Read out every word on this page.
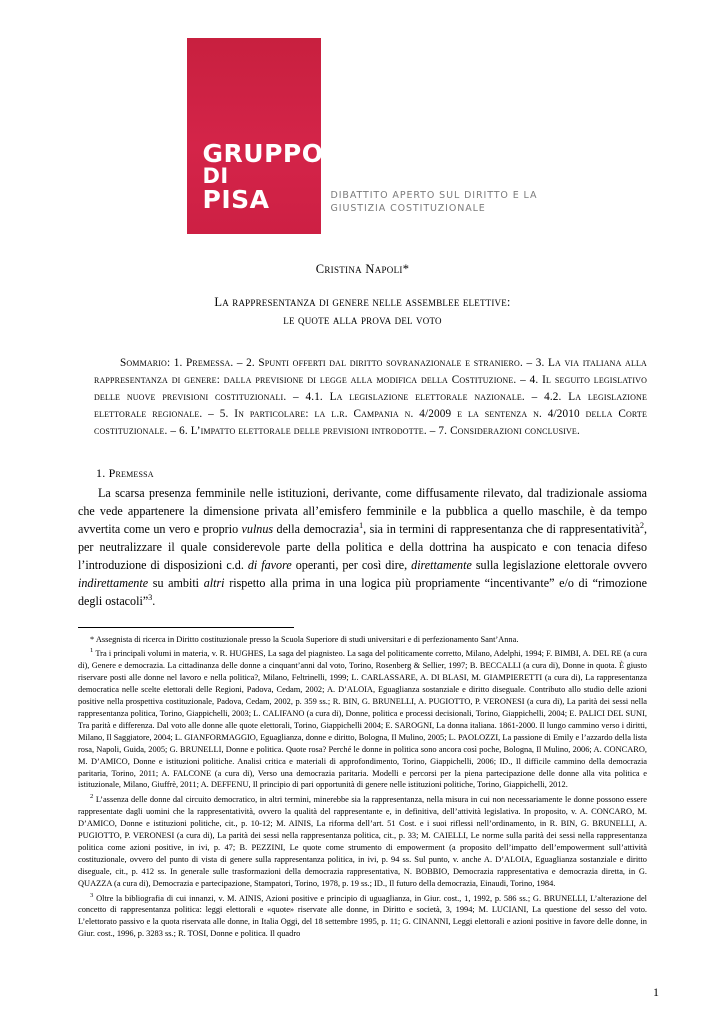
GRUPPO
DI
PISA	DIBATTITO APERTO SUL DIRITTO E LA GIUSTIZIA COSTITUZIONALE
Cristina Napoli*
La rappresentanza di genere nelle assemblee elettive:
le quote alla prova del voto
Sommario: 1. Premessa. – 2. Spunti offerti dal diritto sovranazionale e straniero. – 3. La via italiana alla rappresentanza di genere: dalla previsione di legge alla modifica della Costituzione. – 4. Il seguito legislativo delle nuove previsioni costituzionali. – 4.1. La legislazione elettorale nazionale. – 4.2. La legislazione elettorale regionale. – 5. In particolare: la l.r. Campania n. 4/2009 e la sentenza n. 4/2010 della Corte costituzionale. – 6. L’impatto elettorale delle previsioni introdotte. – 7. Considerazioni conclusive.
1. Premessa

La scarsa presenza femminile nelle istituzioni, derivante, come diffusamente rilevato, dal tradizionale assioma che vede appartenere la dimensione privata all’emisfero femminile e la pubblica a quello maschile, è da tempo avvertita come un vero e proprio vulnus della democrazia$^1$, sia in termini di rappresentanza che di rappresentatività$^2$, per neutralizzare il quale considerevole parte della politica e della dottrina ha auspicato e con tenacia difeso l’introduzione di disposizioni c.d. di favore operanti, per così dire, direttamente sulla legislazione elettorale ovvero indirettamente su ambiti altri rispetto alla prima in una logica più propriamente “incentivante” e/o di “rimozione degli ostacoli”$^3$.

* Assegnista di ricerca in Diritto costituzionale presso la Scuola Superiore di studi universitari e di perfezionamento Sant’Anna.

$^1$ Tra i principali volumi in materia, v. R. HUGHES, La saga del piagnisteo. La saga del politicamente corretto, Milano, Adelphi, 1994; F. BIMBI, A. DEL RE (a cura di), Genere e democrazia. La cittadinanza delle donne a cinquant’anni dal voto, Torino, Rosenberg & Sellier, 1997; B. BECCALLI (a cura di), Donne in quota. È giusto riservare posti alle donne nel lavoro e nella politica?, Milano, Feltrinelli, 1999; L. CARLASSARE, A. DI BLASI, M. GIAMPIERETTI (a cura di), La rappresentanza democratica nelle scelte elettorali delle Regioni, Padova, Cedam, 2002; A. D’ALOIA, Eguaglianza sostanziale e diritto diseguale. Contributo allo studio delle azioni positive nella prospettiva costituzionale, Padova, Cedam, 2002, p. 359 ss.; R. BIN, G. BRUNELLI, A. PUGIOTTO, P. VERONESI (a cura di), La parità dei sessi nella rappresentanza politica, Torino, Giappichelli, 2003; L. CALIFANO (a cura di), Donne, politica e processi decisionali, Torino, Giappichelli, 2004; E. PALICI DEL SUNI, Tra parità e differenza. Dal voto alle donne alle quote elettorali, Torino, Giappichelli 2004; E. SAROGNI, La donna italiana. 1861-2000. Il lungo cammino verso i diritti, Milano, Il Saggiatore, 2004; L. GIANFORMAGGIO, Eguaglianza, donne e diritto, Bologna, Il Mulino, 2005; L. PAOLOZZI, La passione di Emily e l’azzardo della lista rosa, Napoli, Guida, 2005; G. BRUNELLI, Donne e politica. Quote rosa? Perché le donne in politica sono ancora così poche, Bologna, Il Mulino, 2006; A. CONCARO, M. D’AMICO, Donne e istituzioni politiche. Analisi critica e materiali di approfondimento, Torino, Giappichelli, 2006; ID., Il difficile cammino della democrazia paritaria, Torino, 2011; A. FALCONE (a cura di), Verso una democrazia paritaria. Modelli e percorsi per la piena partecipazione delle donne alla vita politica e istituzionale, Milano, Giuffrè, 2011; A. DEFFENU, Il principio di pari opportunità di genere nelle istituzioni politiche, Torino, Giappichelli, 2012.

$^2$ L’assenza delle donne dal circuito democratico, in altri termini, minerebbe sia la rappresentanza, nella misura in cui non necessariamente le donne possono essere rappresentate dagli uomini che la rappresentatività, ovvero la qualità del rappresentante e, in definitiva, dell’attività legislativa. In proposito, v. A. CONCARO, M. D’AMICO, Donne e istituzioni politiche, cit., p. 10-12; M. AINIS, La riforma dell’art. 51 Cost. e i suoi riflessi nell’ordinamento, in R. BIN, G. BRUNELLI, A. PUGIOTTO, P. VERONESI (a cura di), La parità dei sessi nella rappresentanza politica, cit., p. 33; M. CAIELLI, Le norme sulla parità dei sessi nella rappresentanza politica come azioni positive, in ivi, p. 47; B. PEZZINI, Le quote come strumento di empowerment (a proposito dell’impatto dell’empowerment sull’attività costituzionale, ovvero del punto di vista di genere sulla rappresentanza politica, in ivi, p. 94 ss. Sul punto, v. anche A. D’ALOIA, Eguaglianza sostanziale e diritto diseguale, cit., p. 412 ss. In generale sulle trasformazioni della democrazia rappresentativa, N. BOBBIO, Democrazia rappresentativa e democrazia diretta, in G. QUAZZA (a cura di), Democrazia e partecipazione, Stampatori, Torino, 1978, p. 19 ss.; ID., Il futuro della democrazia, Einaudi, Torino, 1984.

$^3$ Oltre la bibliografia di cui innanzi, v. M. AINIS, Azioni positive e principio di uguaglianza, in Giur. cost., 1, 1992, p. 586 ss.; G. BRUNELLI, L’alterazione del concetto di rappresentanza politica: leggi elettorali e «quote» riservate alle donne, in Diritto e società, 3, 1994; M. LUCIANI, La questione del sesso del voto. L’elettorato passivo e la quota riservata alle donne, in Italia Oggi, del 18 settembre 1995, p. 11; G. CINANNI, Leggi elettorali e azioni positive in favore delle donne, in Giur. cost., 1996, p. 3283 ss.; R. TOSI, Donne e politica. Il quadro

1
